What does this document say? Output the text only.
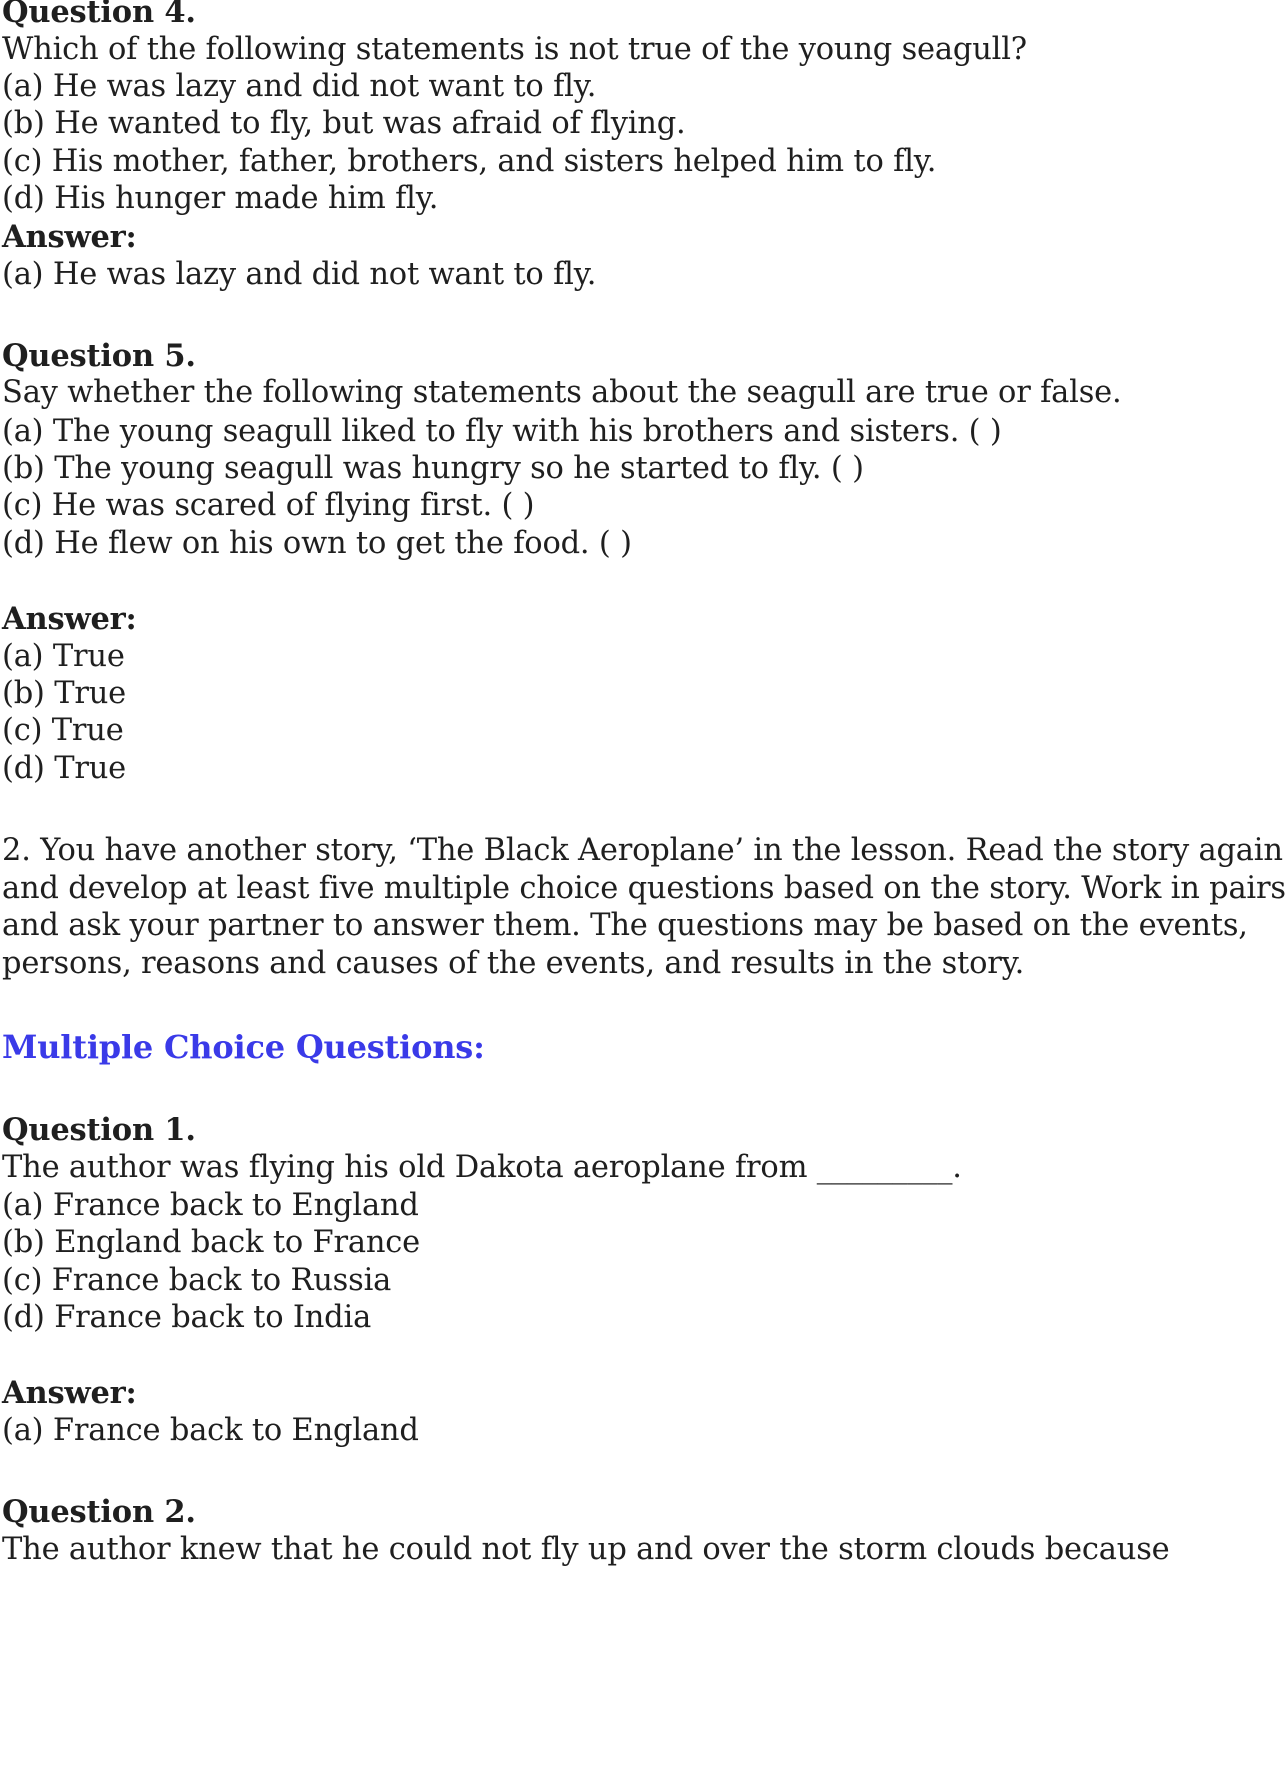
Question 4.
Which of the following statements is not true of the young seagull?
(a) He was lazy and did not want to fly.
(b) He wanted to fly, but was afraid of flying.
(c) His mother, father, brothers, and sisters helped him to fly.
(d) His hunger made him fly.
Answer:
(a) He was lazy and did not want to fly.
Question 5.
Say whether the following statements about the seagull are true or false.
(a) The young seagull liked to fly with his brothers and sisters. ( )
(b) The young seagull was hungry so he started to fly. ( )
(c) He was scared of flying first. ( )
(d) He flew on his own to get the food. ( )
Answer:
(a) True
(b) True
(c) True
(d) True
2. You have another story, ‘The Black Aeroplane’ in the lesson. Read the story again
and develop at least five multiple choice questions based on the story. Work in pairs
and ask your partner to answer them. The questions may be based on the events,
persons, reasons and causes of the events, and results in the story.
Multiple Choice Questions:
Question 1.
The author was flying his old Dakota aeroplane from _________.
(a) France back to England
(b) England back to France
(c) France back to Russia
(d) France back to India
Answer:
(a) France back to England
Question 2.
The author knew that he could not fly up and over the storm clouds because
